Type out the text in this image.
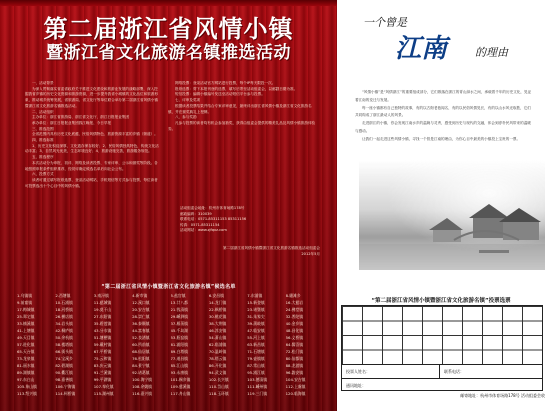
第二届浙江省风情小镇
暨浙江省文化旅游名镇推选活动

一、活动背景

为深入贯彻落实省委省政府关于推进文化建设和旅游业发展的战略部署，深入挖掘我省乡镇的历史文化资源和旅游资源，进一步提升我省小城镇的文化品位和旅游形象，推动城乡统筹发展，省旅游局、省文化厅等单位联合举办第二届浙江省风情小镇暨浙江省文化旅游名镇推选活动。

二、活动组织

主办单位：浙江省旅游局、浙江省文化厅、浙江日报报业集团

承办单位：浙江日报报业集团钱江晚报、今日早报

三、推选范围

全省范围内具有历史文化底蕴、民俗风情特色、旅游资源丰富的乡镇（街道）。

四、推选标准

1、历史文化积淀深厚，文化遗存保存较好；2、民俗风情独具特色，传统文化活动丰富；3、自然风光优美，生态环境良好；4、旅游设施完善，旅游服务规范。

五、推选程序

本次活动分为申报、初评、网络及读者投票、专家评审、公示和颁奖等阶段。各地按照申报条件组织推荐，经初评确定候选名单后向社会公布。

六、投票方式

读者可通过填写报纸选票、登录活动网站、手机短信等方式参与投票，每位读者可投票选出十个心目中的风情小镇。

网络投票：登录活动官方网站进行投票，每个IP每天限投一次。

报纸选票：剪下本报刊登的选票，填写后寄至活动组委会，以邮戳日期为准。

短信投票：编辑小镇编号发送至活动短信平台参与投票。

七、评审及奖项

根据读者投票结果并结合专家评审意见，最终评出浙江省风情小镇及浙江省文化旅游名镇，并在颁奖典礼上授牌。

八、参与奖励

凡参与投票的读者均有机会参加抽奖，获得由组委会提供的精美礼品及风情小镇旅游体验券。

活动组委会地址：杭州市体育场路178号
邮政编码：310039
联系电话：0571-85311153 85311156
传真：0571-85311154
活动网站：www.zjfqxz.com
第二届浙江省风情小镇暨浙江省文化旅游名镇推选活动组委会
2012年5月
“第二届浙江省风情小镇暨浙江省文化旅游名镇”候选名单
1.乌镇镇	2.西塘镇	3.南浔镇	4.新市镇	5.盐官镇	6.安昌镇	7.东浦镇	8.皤滩乡
9.前童镇	10.石浦镇	11.慈城镇	12.溪口镇	13.廿八都	14.龙门镇	15.新登镇	16.大慈岩
17.梅城镇	18.河桥镇	19.莫干山	20.安吉镇	21.钱清镇	22.枫桥镇	23.诸暨镇	24.佛堂镇
25.郑宅镇	26.横店镇	27.东阳镇	28.崇仁镇	29.嵊泗镇	30.桃花镇	31.朱家尖	32.普陀镇
33.楠溪镇	34.岩头镇	35.碧莲镇	36.泰顺镇	37.雁荡镇	38.大荆镇	39.蒲岐镇	40.金乡镇
41.上塘镇	42.桐庐镇	43.分水镇	44.富春镇	45.千岛湖	46.淳安镇	47.临安镇	48.昌化镇
49.天目镇	50.余杭镇	51.塘栖镇	52.良渚镇	53.瓶窑镇	54.萧山镇	55.河上镇	56.义桥镇
57.进化镇	58.楼塔镇	59.戴村镇	60.所前镇	61.浦阳镇	62.临浦镇	63.新昌镇	64.儒岙镇
65.天台镇	66.街头镇	67.平桥镇	68.仙居镇	69.白塔镇	70.温岭镇	71.石塘镇	72.松门镇
73.龙泉镇	74.宝溪乡	75.云和镇	76.松阳镇	77.遂昌镇	78.缙云镇	79.壶镇镇	80.仙都镇
81.丽水镇	82.碧湖镇	83.庆元镇	84.景宁镇	85.江山镇	86.开化镇	87.常山镇	88.龙游镇
89.湖镇镇	90.衢江镇	91.兰溪镇	92.诸葛镇	93.永康镇	94.武义镇	95.浦江镇	96.磐安镇
97.东白山	98.嘉善镇	99.平湖镇	100.海宁镇	101.桐乡镇	102.长兴镇	103.德清镇	104.安吉镇
105.象山镇	106.宁海镇	107.奉化镇	108.余姚镇	109.慈溪镇	110.岱山镇	111.嵊州镇	112.上虞镇
113.绍兴镇	114.柯桥镇	115.湖州镇	116.嘉兴镇	117.舟山镇	118.玉环镇	119.三门镇	120.临海镇
一个曾是
江南	的理由

“风情小镇”是“风情浙江”的重要组成部分，它们散落在浙江的青山绿水之间，承载着千年的历史文化，见证着江南的变迁与发展。

每一座小镇都有自己独特的故事，有的以古街老巷闻名，有的以民俗风情见长，有的以山水风光取胜，它们共同构成了浙江最动人的风景。

走进浙江的小镇，你会发现江南水乡的温婉与灵秀，感受到历史与现代的交融，体会到淳朴民风带来的温暖与感动。

让我们一起走进这些风情小镇，寻找一个曾是江南的理由，为你心目中最美的小镇投上宝贵的一票。

“第二届浙江省风情小镇暨浙江省文化旅游名镇”投票选票
投票人姓名：	联系电话：
通讯地址：
邮寄地址：杭州市体育场路178号 活动组委会收
